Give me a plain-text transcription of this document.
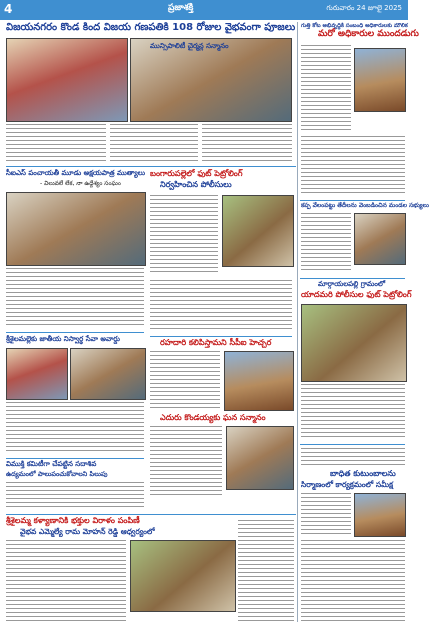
4	ప్రజాశక్తి	గురువారం 24 జూలై 2025
విజయనగరం కొండ కింద విజయ గణపతికి 108 రోజుల వైభవంగా పూజలు
మున్సిపాలిటీ చైర్మన్ల సన్మానం
గుత్తి కోట అభివృద్ధికి సంబంధి అధికారులకు మౌలిక
మరో అధికారుల ముందడుగు
సీఐఎస్ పంచాయతీ మూడు అక్షయపాత్ర ముత్యాలు
- విలువలే లేక, నా ఉద్దేశ్యం సంఘం
బంగారుపల్లెలో ఫుట్ పెట్రోలింగ్
నిర్వహించిన పోలీసులు
కప్ప వేలంపట్టు తేదీలను వెంబడించిన మండల సభ్యులు
మార్గాయలపల్లి గ్రామంలో
యాదమరి పోలీసుల ఫుట్ పెట్రోలింగ్
రహదారి కలిపిస్తామని సీపీఐ హెచ్చర
శ్రీశైలమల్లెకు జాతీయ నిస్వార్థ సేవా అవార్డు
ఎదురు కొండయ్యకు ఘన సన్మానం
విముక్తి కమిటీగా చేపట్టిన సదాశివ
ఉద్యమంలో పాలుపంచుకోవాలని పిలుపు	బాధిత కుటుంబాలను
సిర్మాణంలో కార్యక్రమంలో సమీక్ష
శ్రీశైలమ్మ కళ్యాణానికి భక్తుల విరాళం పంపిణీ
వైభవ ఎమ్మెల్యే రామ మోహన్ రెడ్డి ఆధ్వర్యంలో
